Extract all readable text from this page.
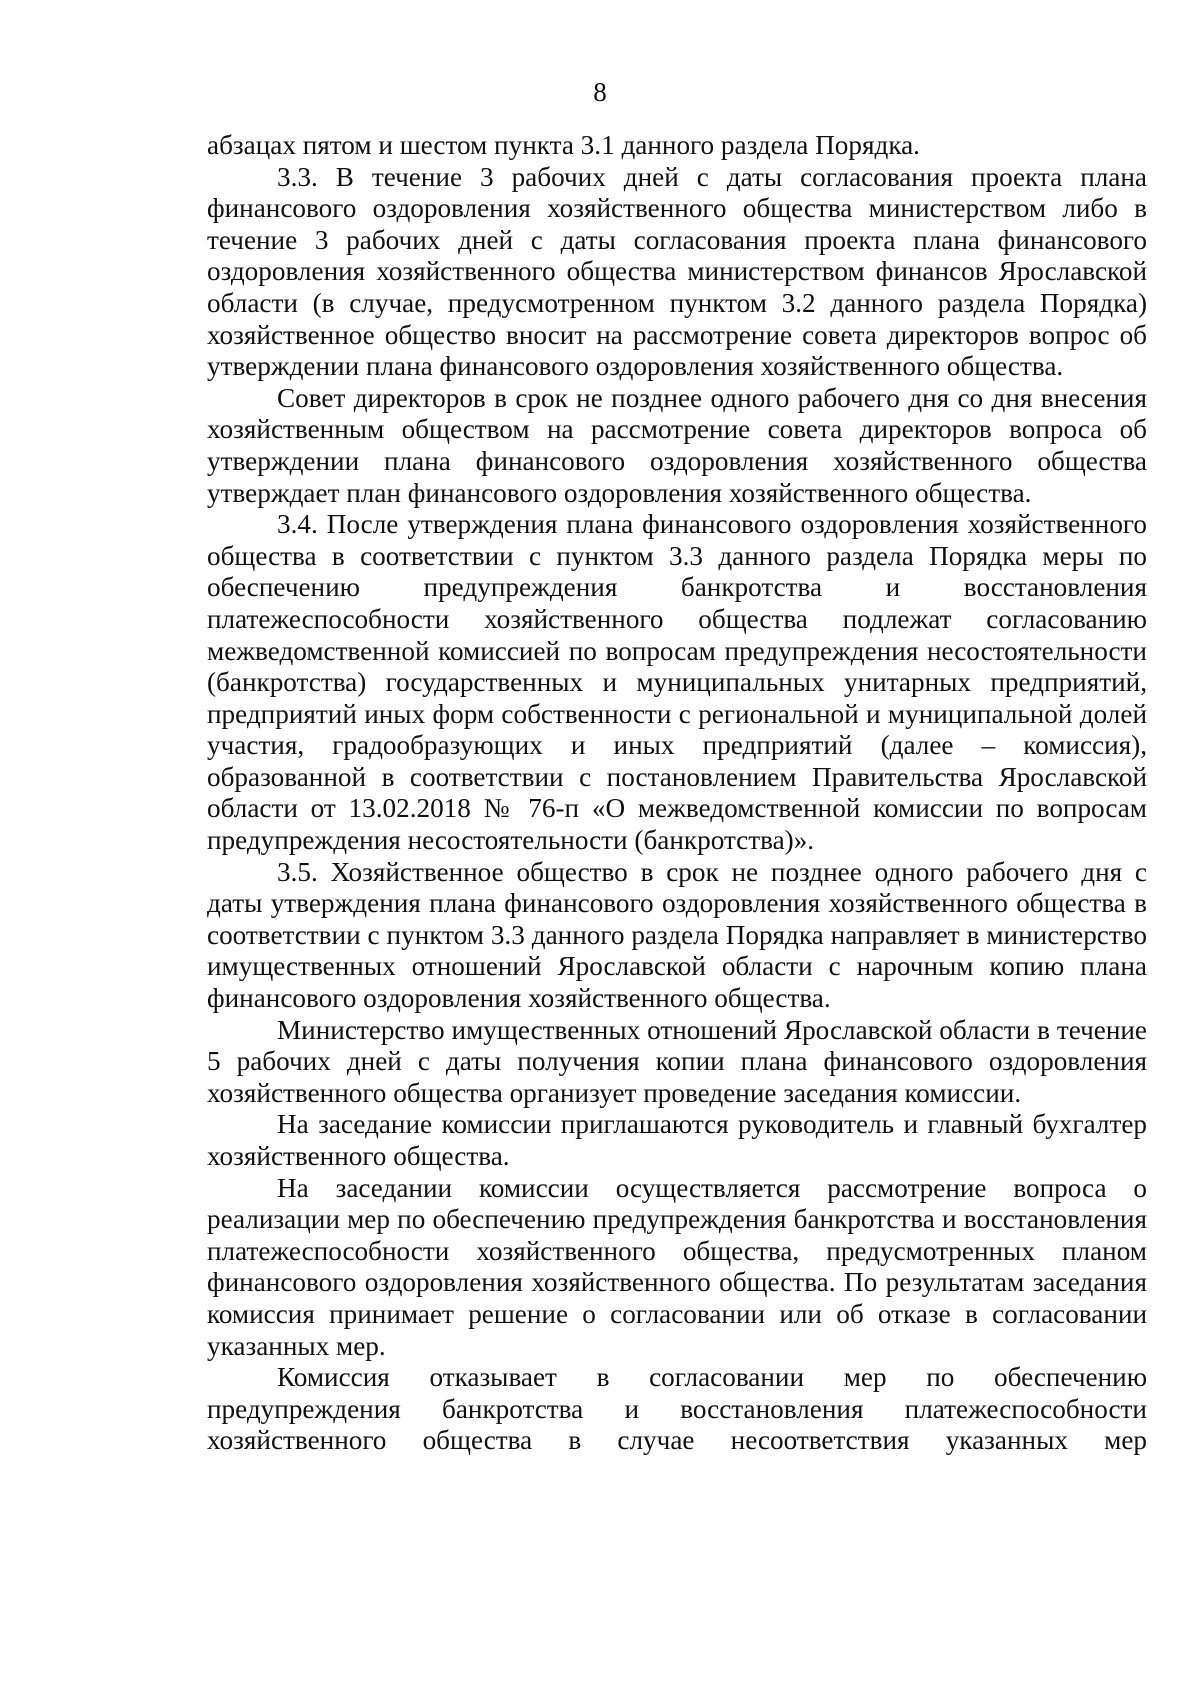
8

абзацах пятом и шестом пункта 3.1 данного раздела Порядка.

3.3. В течение 3 рабочих дней с даты согласования проекта плана финансового оздоровления хозяйственного общества министерством либо в течение 3 рабочих дней с даты согласования проекта плана финансового оздоровления хозяйственного общества министерством финансов Ярославской области (в случае, предусмотренном пунктом 3.2 данного раздела Порядка) хозяйственное общество вносит на рассмотрение совета директоров вопрос об утверждении плана финансового оздоровления хозяйственного общества.

Совет директоров в срок не позднее одного рабочего дня со дня внесения хозяйственным обществом на рассмотрение совета директоров вопроса об утверждении плана финансового оздоровления хозяйственного общества утверждает план финансового оздоровления хозяйственного общества.

3.4. После утверждения плана финансового оздоровления хозяйственного общества в соответствии с пунктом 3.3 данного раздела Порядка меры по обеспечению предупреждения банкротства и восстановления платежеспособности хозяйственного общества подлежат согласованию межведомственной комиссией по вопросам предупреждения несостоятельности (банкротства) государственных и муниципальных унитарных предприятий, предприятий иных форм собственности с региональной и муниципальной долей участия, градообразующих и иных предприятий (далее – комиссия), образованной в соответствии с постановлением Правительства Ярославской области от 13.02.2018 № 76-п «О межведомственной комиссии по вопросам предупреждения несостоятельности (банкротства)».

3.5. Хозяйственное общество в срок не позднее одного рабочего дня с даты утверждения плана финансового оздоровления хозяйственного общества в соответствии с пунктом 3.3 данного раздела Порядка направляет в министерство имущественных отношений Ярославской области с нарочным копию плана финансового оздоровления хозяйственного общества.

Министерство имущественных отношений Ярославской области в течение 5 рабочих дней с даты получения копии плана финансового оздоровления хозяйственного общества организует проведение заседания комиссии.

На заседание комиссии приглашаются руководитель и главный бухгалтер хозяйственного общества.

На заседании комиссии осуществляется рассмотрение вопроса о реализации мер по обеспечению предупреждения банкротства и восстановления платежеспособности хозяйственного общества, предусмотренных планом финансового оздоровления хозяйственного общества. По результатам заседания комиссия принимает решение о согласовании или об отказе в согласовании указанных мер.

Комиссия отказывает в согласовании мер по обеспечению предупреждения банкротства и восстановления платежеспособности хозяйственного общества в случае несоответствия указанных мер
